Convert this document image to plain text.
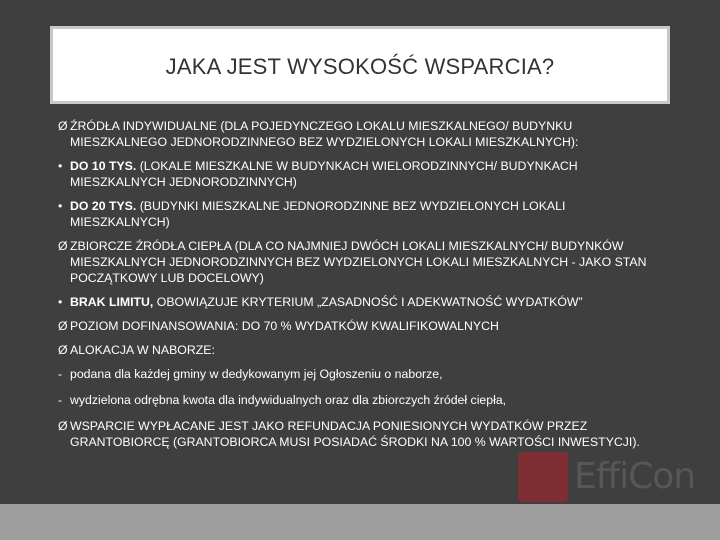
JAKA JEST WYSOKOŚĆ WSPARCIA?
Ø ŹRÓDŁA INDYWIDUALNE (DLA POJEDYNCZEGO LOKALU MIESZKALNEGO/ BUDYNKU MIESZKALNEGO JEDNORODZINNEGO BEZ WYDZIELONYCH LOKALI MIESZKALNYCH):
• DO 10 TYS. (LOKALE MIESZKALNE W BUDYNKACH WIELORODZINNYCH/ BUDYNKACH MIESZKALNYCH JEDNORODZINNYCH)
• DO 20 TYS. (BUDYNKI MIESZKALNE JEDNORODZINNE BEZ WYDZIELONYCH LOKALI MIESZKALNYCH)
Ø ZBIORCZE ŹRÓDŁA CIEPŁA (DLA CO NAJMNIEJ DWÓCH LOKALI MIESZKALNYCH/ BUDYNKÓW MIESZKALNYCH JEDNORODZINNYCH BEZ WYDZIELONYCH LOKALI MIESZKALNYCH - JAKO STAN POCZĄTKOWY LUB DOCELOWY)
• BRAK LIMITU, OBOWIĄZUJE KRYTERIUM „ZASADNOŚĆ I ADEKWATNOŚĆ WYDATKÓW”
Ø POZIOM DOFINANSOWANIA: DO 70 % WYDATKÓW KWALIFIKOWALNYCH
Ø ALOKACJA W NABORZE:
- podana dla każdej gminy w dedykowanym jej Ogłoszeniu o naborze,
- wydzielona odrębna kwota dla indywidualnych oraz dla zbiorczych źródeł ciepła,
Ø WSPARCIE WYPŁACANE JEST JAKO REFUNDACJA PONIESIONYCH WYDATKÓW PRZEZ GRANTOBIORCĘ (GRANTOBIORCA MUSI POSIADAĆ ŚRODKI NA 100 % WARTOŚCI INWESTYCJI).
EffiCon
